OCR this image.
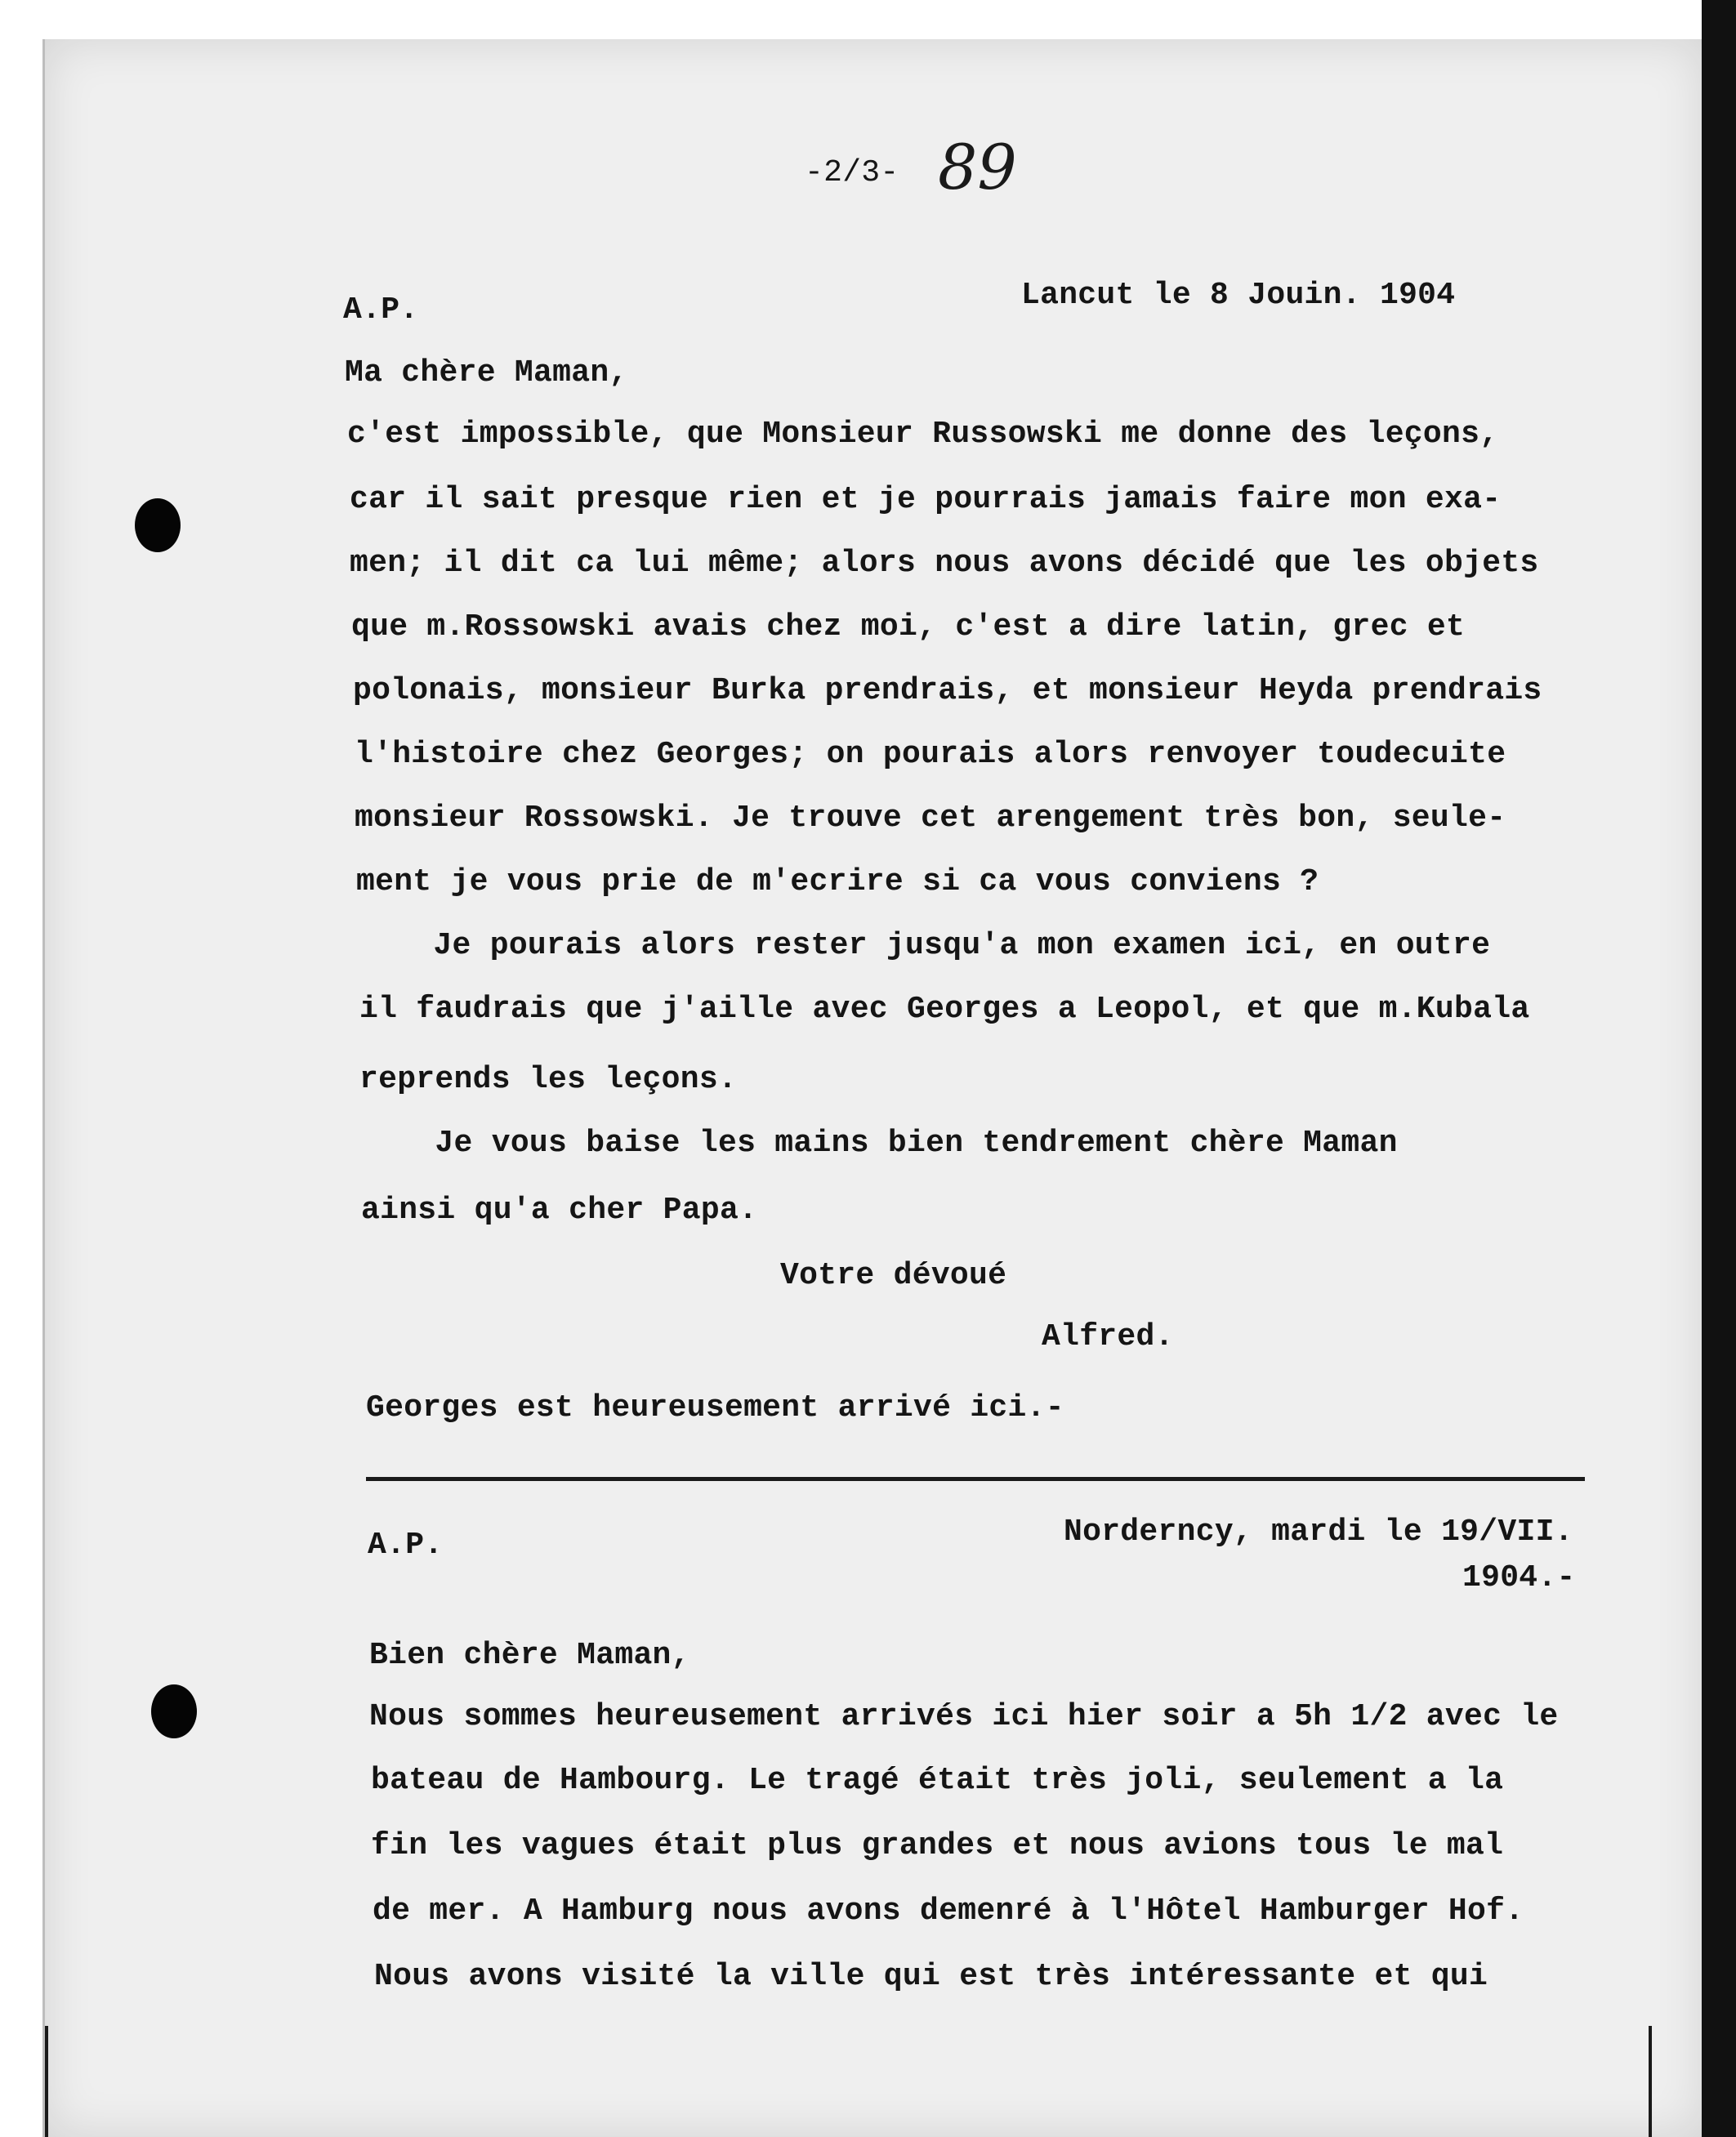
-2/3- 89
A.P.	Lancut le 8 Jouin. 1904
Ma chère Maman,
c'est impossible, que Monsieur Russowski me donne des leçons,
car il sait presque rien et je pourrais jamais faire mon exa-
men; il dit ca lui même; alors nous avons décidé que les objets
que m.Rossowski avais chez moi, c'est a dire latin, grec et
polonais, monsieur Burka prendrais, et monsieur Heyda prendrais
l'histoire chez Georges; on pourais alors renvoyer toudecuite
monsieur Rossowski. Je trouve cet arengement très bon, seule-
ment je vous prie de m'ecrire si ca vous conviens ?
Je pourais alors rester jusqu'a mon examen ici, en outre
il faudrais que j'aille avec Georges a Leopol, et que m.Kubala
reprends les leçons.
Je vous baise les mains bien tendrement chère Maman
ainsi qu'a cher Papa.
Votre dévoué
Alfred.
Georges est heureusement arrivé ici.-
A.P.	Norderncy, mardi le 19/VII.
1904.-
Bien chère Maman,
Nous sommes heureusement arrivés ici hier soir a 5h 1/2 avec le
bateau de Hambourg. Le tragé était très joli, seulement a la
fin les vagues était plus grandes et nous avions tous le mal
de mer. A Hamburg nous avons demenré à l'Hôtel Hamburger Hof.
Nous avons visité la ville qui est très intéressante et qui
